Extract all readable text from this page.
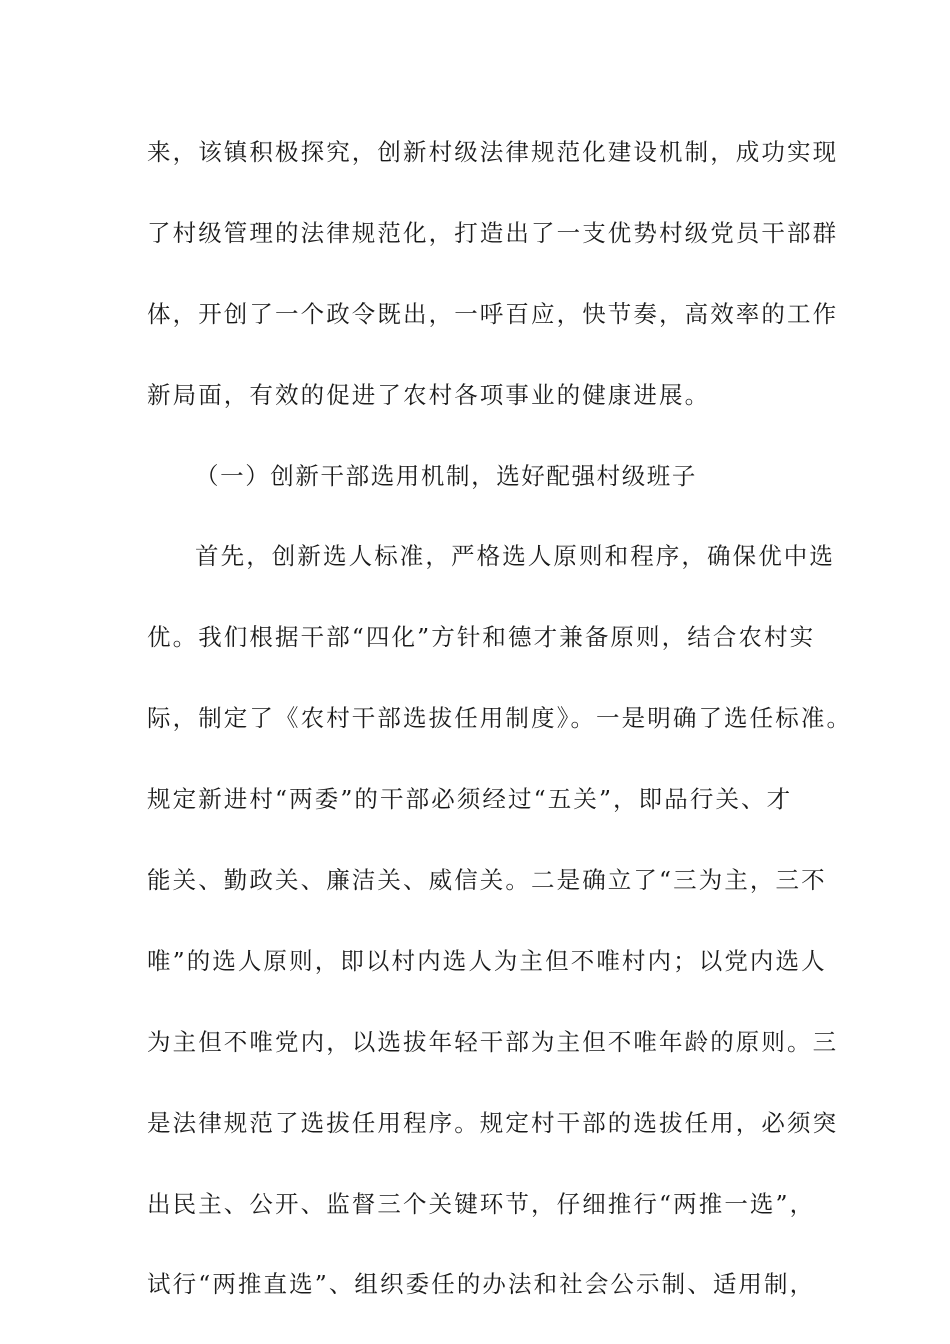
来，该镇积极探究，创新村级法律规范化建设机制，成功实现
了村级管理的法律规范化，打造出了一支优势村级党员干部群
体，开创了一个政令既出，一呼百应，快节奏，高效率的工作
新局面，有效的促进了农村各项事业的健康进展。
（一）创新干部选用机制，选好配强村级班子
首先，创新选人标准，严格选人原则和程序，确保优中选
优。我们根据干部“四化”方针和德才兼备原则，结合农村实
际，制定了《农村干部选拔任用制度》。一是明确了选任标准。
规定新进村“两委”的干部必须经过“五关”，即品行关、才
能关、勤政关、廉洁关、威信关。二是确立了“三为主，三不
唯”的选人原则，即以村内选人为主但不唯村内；以党内选人
为主但不唯党内，以选拔年轻干部为主但不唯年龄的原则。三
是法律规范了选拔任用程序。规定村干部的选拔任用，必须突
出民主、公开、监督三个关键环节，仔细推行“两推一选”，
试行“两推直选”、组织委任的办法和社会公示制、适用制，
